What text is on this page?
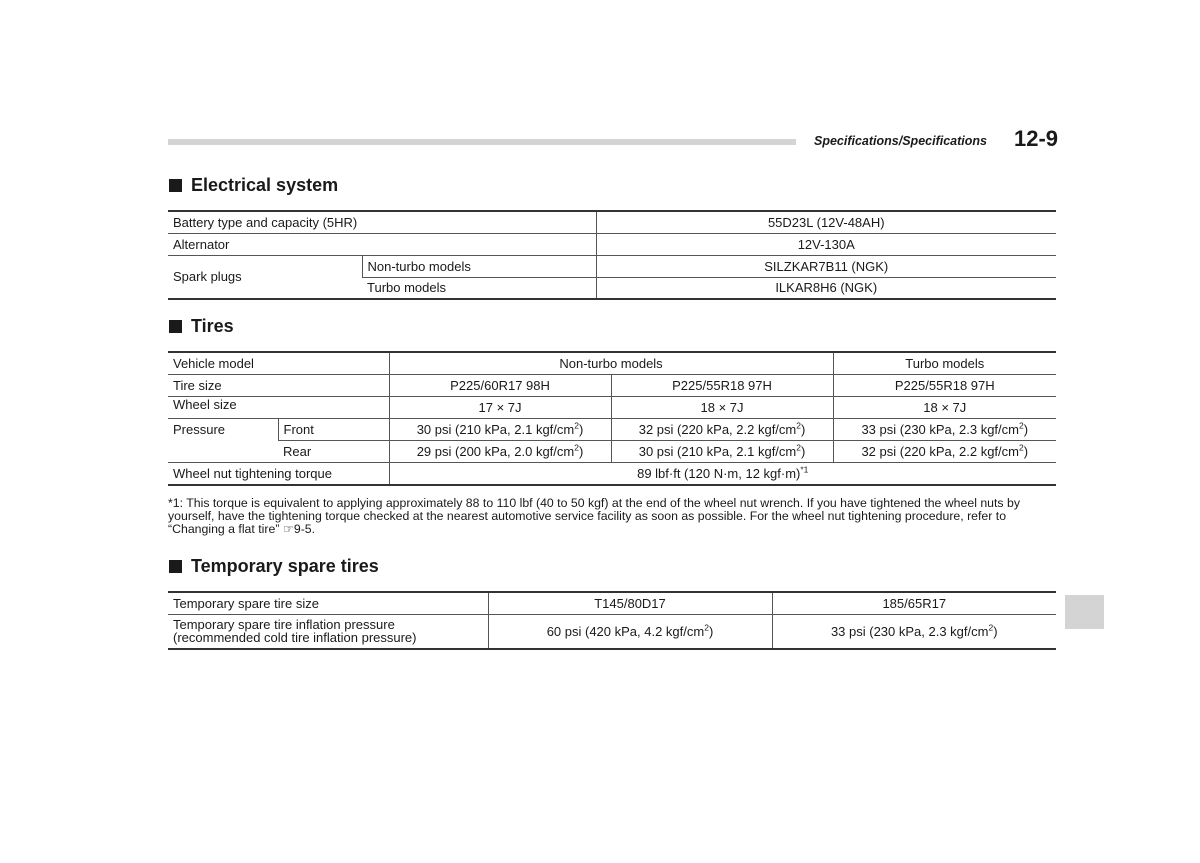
Specifications/Specifications 12-9
Electrical system
Battery type and capacity (5HR)		55D23L (12V-48AH)
Alternator		12V-130A
Spark plugs	Non-turbo models	SILZKAR7B11 (NGK)
	Turbo models	ILKAR8H6 (NGK)
Tires
Vehicle model		Non-turbo models		Turbo models
Tire size		P225/60R17 98H	P225/55R18 97H	P225/55R18 97H
Wheel size		17 × 7J	18 × 7J	18 × 7J
Pressure	Front	30 psi (210 kPa, 2.1 kgf/$cm^2$)	32 psi (220 kPa, 2.2 kgf/$cm^2$)	33 psi (230 kPa, 2.3 kgf/$cm^2$)
	Rear	29 psi (200 kPa, 2.0 kgf/$cm^2$)	30 psi (210 kPa, 2.1 kgf/$cm^2$)	32 psi (220 kPa, 2.2 kgf/$cm^2$)
Wheel nut tightening torque		89 lbf·ft (120 N·m, 12 kgf·m)$^{*1}$
*1: This torque is equivalent to applying approximately 88 to 110 lbf (40 to 50 kgf) at the end of the wheel nut wrench. If you have tightened the wheel nuts by yourself, have the tightening torque checked at the nearest automotive service facility as soon as possible. For the wheel nut tightening procedure, refer to “Changing a flat tire” ☞9-5.
Temporary spare tires
Temporary spare tire size	T145/80D17	185/65R17

Temporary spare tire inflation pressure
(recommended cold tire inflation pressure)	60 psi (420 kPa, 4.2 kgf/$cm^2$)	33 psi (230 kPa, 2.3 kgf/$cm^2$)
